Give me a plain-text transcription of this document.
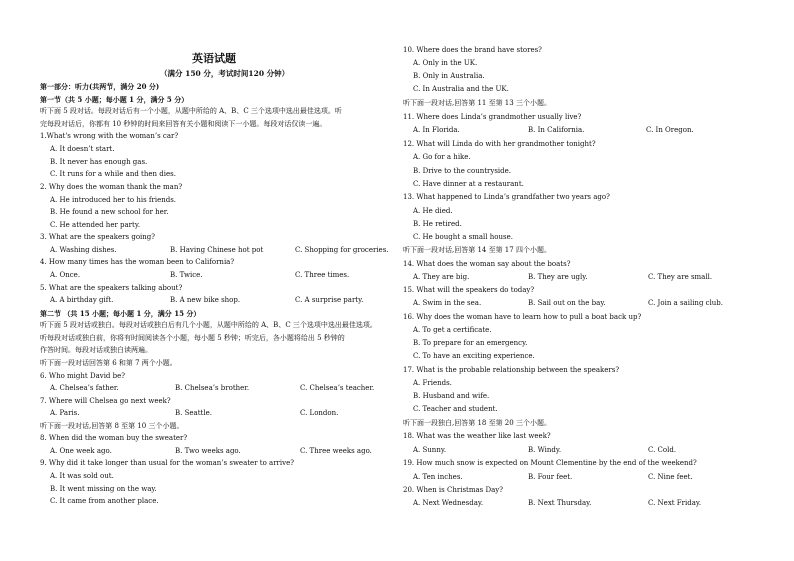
英语试题
（满分 150 分，考试时间120 分钟）
第一部分：听力(共两节，满分 20 分)
第一节（共 5 小题；每小题 1 分，满分 5 分）
听下面 5 段对话。每段对话后有一个小题，从题中所给的 A、B、C 三个选项中选出最佳选项。听
完每段对话后，你都有 10 秒钟的时间来回答有关小题和阅读下一小题。每段对话仅读一遍。
1.What's wrong with the woman’s car?
A. It doesn’t start.
B. It never has enough gas.
C. It runs for a while and then dies.
2. Why does the woman thank the man?
A. He introduced her to his friends.
B. He found a new school for her.
C. He attended her party.
3. What are the speakers going?
A. Washing dishes.	B. Having Chinese hot pot	C. Shopping for groceries.
4. How many times has the woman been to California?
A. Once.	B. Twice.	C. Three times.
5. What are the speakers talking about?
A. A birthday gift.	B. A new bike shop.	C. A surprise party.
第二节 （共 15 小题；每小题 1 分，满分 15 分）
听下面 5 段对话或独白。每段对话或独白后有几个小题，从题中所给的 A、B、C 三个选项中选出最佳选项。
听每段对话或独白前，你将有时间阅读各个小题，每小题 5 秒钟；听完后，各小题将给出 5 秒钟的
作答时间。每段对话或独白读两遍。
听下面一段对话回答第 6 和第 7 两个小题。
6. Who might David be?
A. Chelsea’s father.	B. Chelsea’s brother.	C. Chelsea’s teacher.
7. Where will Chelsea go next week?
A. Paris.	B. Seattle.	C. London.
听下面一段对话,回答第 8 至第 10 三个小题。
8. When did the woman buy the sweater?
A. One week ago.	B. Two weeks ago.	C. Three weeks ago.
9. Why did it take longer than usual for the woman’s sweater to arrive?
A. It was sold out.
B. It went missing on the way.
C. It came from another place.
10. Where does the brand have stores?
A. Only in the UK.
B. Only in Australia.
C. In Australia and the UK.
听下面一段对话,回答第 11 至第 13 三个小题。
11. Where does Linda’s grandmother usually live?
A. In Florida.	B. In California.	C. In Oregon.
12. What will Linda do with her grandmother tonight?
A. Go for a hike.
B. Drive to the countryside.
C. Have dinner at a restaurant.
13. What happened to Linda’s grandfather two years ago?
A. He died.
B. He retired.
C. He bought a small house.
听下面一段对话,回答第 14 至第 17 四个小题。
14. What does the woman say about the boats?
A. They are big.	B. They are ugly.	C. They are small.
15. What will the speakers do today?
A. Swim in the sea.	B. Sail out on the bay.	C. Join a sailing club.
16. Why does the woman have to learn how to pull a boat back up?
A. To get a certificate.
B. To prepare for an emergency.
C. To have an exciting experience.
17. What is the probable relationship between the speakers?
A. Friends.
B. Husband and wife.
C. Teacher and student.
听下面一段独白,回答第 18 至第 20 三个小题。
18. What was the weather like last week?
A. Sunny.	B. Windy.	C. Cold.
19. How much snow is expected on Mount Clementine by the end of the weekend?
A. Ten inches.	B. Four feet.	C. Nine feet.
20. When is Christmas Day?
A. Next Wednesday.	B. Next Thursday.	C. Next Friday.
